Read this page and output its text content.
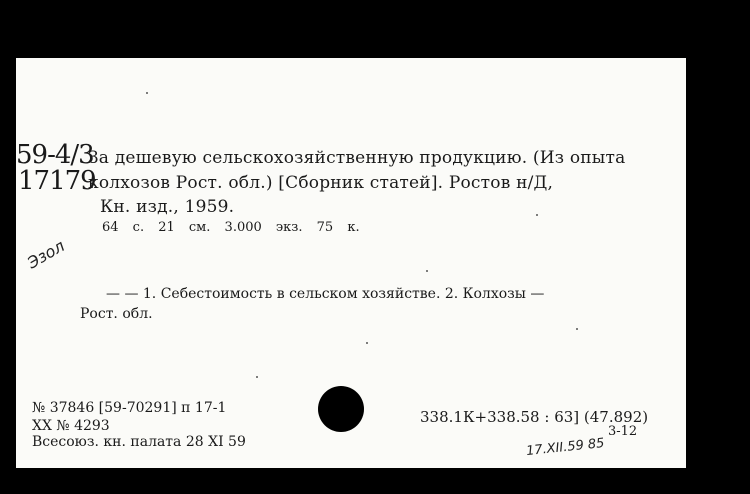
59-4/3
17179
За дешевую сельскохозяйственную продукцию. (Из опыта
колхозов Рост. обл.) [Сборник статей]. Ростов н/Д,
Кн. изд., 1959.
64 с. 21 см. 3.000 экз. 75 к.
Эзол
— — 1. Себестоимость в сельском хозяйстве. 2. Колхозы —
Рост. обл.
№ 37846 [59-70291] п 17-1
XX № 4293
Всесоюз. кн. палата 28 XI 59
338.1К+338.58 : 63] (47.892)
3-12
17.XII.59 85
